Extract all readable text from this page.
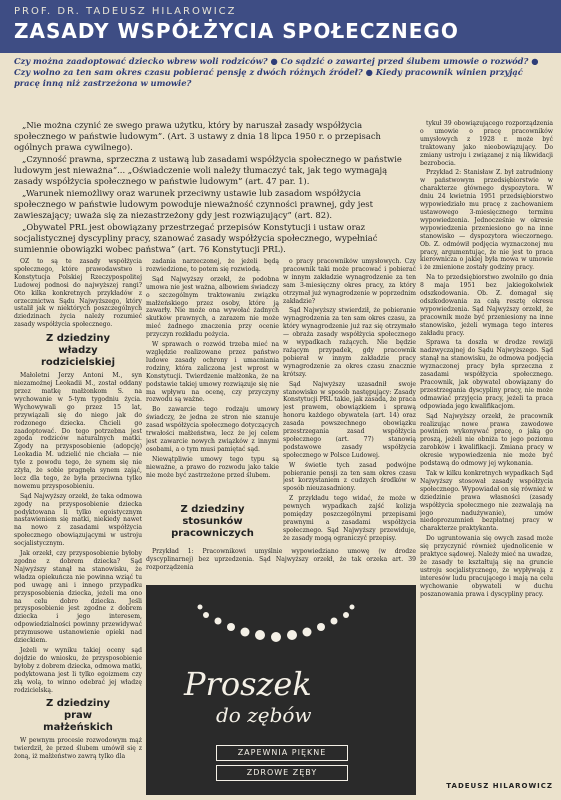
PROF. DR. TADEUSZ HILAROWICZ
ZASADY WSPÓŁŻYCIA SPOŁECZNEGO
Czy można zaadoptować dziecko wbrew woli rodziców? ● Co sądzić o zawartej przed ślubem umowie o rozwód? ● Czy wolno za ten sam okres czasu pobierać pensję z dwóch różnych źródeł? ● Kiedy pracownik winien przyjąć pracę inną niż zastrzeżona w umowie?

„Nie można czynić ze swego prawa użytku, który by naruszał zasady współżycia społecznego w państwie ludowym”. (Art. 3 ustawy z dnia 18 lipca 1950 r. o przepisach ogólnych prawa cywilnego).

„Czynność prawna, sprzeczna z ustawą lub zasadami współżycia społecznego w państwie ludowym jest nieważna”... „Oświadczenie woli należy tłumaczyć tak, jak tego wymagają zasady współżycia społecznego w państwie ludowym” (art. 47 par. 1).

„Warunek niemożliwy oraz warunek przeciwny ustawie lub zasadom współżycia społecznego w państwie ludowym powoduje nieważność czynności prawnej, gdy jest zawieszający; uważa się za niezastrzeżony gdy jest rozwiązujący” (art. 82).

„Obywatel PRL jest obowiązany przestrzegać przepisów Konstytucji i ustaw oraz socjalistycznej dyscypliny pracy, szanować zasady współżycia społecznego, wypełniać sumiennie obowiązki wobec państwa” (art. 76 Konstytucji PRL).

OŻ to są te zasady współżycia społecznego, które prawodawstwo i Konstytucja Polskiej Rzeczypospolitej Ludowej podnosi do najwyższej rangi? Oto kilka konkretnych przykładów z orzecznictwa Sądu Najwyższego, który ustalił jak w niektórych poszczególnych dziedzinach życia należy rozumieć zasady współżycia społecznego.

Z dziedziny
władzy
rodzicielskiej

Małoletni Jerzy Antoni M., syn niezamożnej Leokadii M., został oddany przez matkę małżonkom S. na wychowanie w 5-tym tygodniu życia. Wychowywali go przez 15 lat, przywiązali się do niego jak do rodzonego dziecka. Chcieli go zaadoptować. Do tego potrzebna jest zgoda rodziców naturalnych matki. Zgody na przysposobienie (adopcję) Leokadia M. udzielić nie chciała — nie tyle z powodu tego, że synem się nie zżyła, że sobie pragnęła synem zająć, lecz dla tego, że była przeciwna tylko nowemu przysposobieniu.

Sąd Najwyższy orzekł, że taka odmowa zgody na przysposobienie dziecka podyktowana li tylko egoistycznym nastawieniem się matki, niekiedy nawet na nowo z zasadami współżycia społecznego obowiązującymi w ustroju socjalistycznym.

Jak orzekł, czy przysposobienie byłoby zgodne z dobrem dziecka? Sąd Najwyższy stanął na stanowisku, że władza opiekuńcza nie powinna wziąć tu pod uwagę ani i innego przypadku przysposobienia dziecka, jeżeli ma ono na celu dobro dziecka. Jeśli przysposobienie jest zgodne z dobrem dziecka i jego interesem, odpowiedzialności powinny przewidywać przymusowe ustanowienie opieki nad dzieckiem.

Jeżeli w wyniku takiej oceny sąd dojdzie do wniosku, że przysposobienie byłoby z dobrem dziecka, odmowa matki, podyktowana jest li tylko egoizmem czy złą wolą, to winno odebrać jej władzę rodzicielską.

Z dziedziny
praw
małżeńskich

W pewnym procesie rozwodowym mąż twierdził, że przed ślubem umówił się z żoną, iż małżeństwo zawrą tylko dla

zadania narzeczonej, że jeżeli będą rozwiedzione, to potem się rozwiodą.

Sąd Najwyższy orzekł, że podobna umowa nie jest ważna, albowiem świadczy o szczególnym traktowaniu związku małżeńskiego przez osoby, które ją zawarły. Nie może ona wywołać żadnych skutków prawnych, a zarazem nie może mieć żadnego znaczenia przy ocenie przyczyn rozkładu pożycia.

W sprawach o rozwód trzeba mieć na względzie realizowane przez państwo ludowe zasady ochrony i umacniania rodziny, która zaliczona jest wprost w Konstytucji. Twierdzenie małżonka, że na podstawie takiej umowy rozwiązuje się nie ma wpływu na ocenę, czy przyczyny rozwodu są ważne.

Bo zawarcie tego rodzaju umowy świadczy, że jedna ze stron nie szanuje zasad współżycia społecznego dotyczących trwałości małżeństwa, lecz że jej celem jest zawarcie nowych związków z innymi osobami, a o tym musi pamiętać sąd.

Niewątpliwie umowy tego typu są nieważne, a prawo do rozwodu jako takie nie może być zastrzeżone przed ślubem.

Z dziedziny
stosunków
pracowniczych

Przykład 1: Pracownikowi umyślnie wypowiedziano umowę (w drodze dyscyplinarnej) bez uprzedzenia. Sąd Najwyższy orzekł, że tak orzeka art. 39 rozporządzenia

o pracy pracowników umysłowych. Czy pracownik taki może pracować i pobierać w innym zakładzie wynagrodzenie za ten sam 3-miesięczny okres pracy, za który otrzymał już wynagrodzenie w poprzednim zakładzie?

Sąd Najwyższy stwierdził, że pobieranie wynagrodzenia za ten sam okres czasu, za który wynagrodzenie już raz się otrzymało — obraża zasady współżycia społecznego w wypadkach rażących. Nie będzie rażącym przypadek, gdy pracownik pobierał w innym zakładzie pracy wynagrodzenie za okres czasu znacznie krótszy.

Sąd Najwyższy uzasadnił swoje stanowisko w sposób następujący: Zasady Konstytucji PRL takie, jak zasada, że praca jest prawem, obowiązkiem i sprawą honoru każdego obywatela (art. 14) oraz zasada powszechnego obowiązku przestrzegania zasad współżycia społecznego (art. 77) stanowią podstawowe zasady współżycia społecznego w Polsce Ludowej.

W świetle tych zasad podwójne pobieranie pensji za ten sam okres czasu jest korzystaniem z cudzych środków w sposób nieuzasadniony.

Z przykładu tego widać, że może w pewnych wypadkach zajść kolizja pomiędzy poszczególnymi przepisami prawnymi a zasadami współżycia społecznego. Sąd Najwyższy przewiduje, że zasady mogą ograniczyć przepisy.

tykuł 39 obowiązującego rozporządzenia o umowie o pracę pracowników umysłowych z 1928 r. może być traktowany jako nieobowiązujący. Do zmiany ustroju i związanej z nią likwidacji bezrobocia.

Przykład 2: Stanisław Z. był zatrudniony w państwowym przedsiębiorstwie w charakterze głównego dyspozytora. W dniu 24 kwietnia 1951 przedsiębiorstwo wypowiedziało mu pracę z zachowaniem ustawowego 3-miesięcznego terminu wypowiedzenia. Jednocześnie w okresie wypowiedzenia przeniesiono go na inne stanowisko — dyspozytora wieczornego. Ob. Z. odmówił podjęcia wyznaczonej mu pracy, argumentując, że nie jest to praca kierownicza o jakiej była mowa w umowie i że zmienione zostały godziny pracy.

Na to przedsiębiorstwo zwolniło go dnia 8 maja 1951 bez jakiegokolwiek odszkodowania. Ob. Z. domagał się odszkodowania za całą resztę okresu wypowiedzenia. Sąd Najwyższy orzekł, że pracownik może być przeniesiony na inne stanowisko, jeżeli wymaga tego interes zakładu pracy.

Sprawa ta doszła w drodze rewizji nadzwyczajnej do Sądu Najwyższego. Sąd stanął na stanowisku, że odmowa podjęcia wyznaczonej pracy była sprzeczna z zasadami współżycia społecznego. Pracownik, jak obywatel obowiązany do przestrzegania dyscypliny pracy, nie może odmawiać przyjęcia pracy, jeżeli ta praca odpowiada jego kwalifikacjom.

Sąd Najwyższy orzekł, że pracownik realizując nowe prawa zawodowe powinien wykonywać pracę, o jaką go proszą, jeżeli nie obniża to jego poziomu zarobków i kwalifikacji. Zmiana pracy w okresie wypowiedzenia nie może być podstawą do odmowy jej wykonania.

Tak w kilku konkretnych wypadkach Sąd Najwyższy stosował zasady współżycia społecznego. Wypowiadał on się również w dziedzinie prawa własności (zasady współżycia społecznego nie zezwalają na jego nadużywanie), umów niedoprozumnień bezpłatnej pracy w charakterze praktykanta.

Do ugruntowania się owych zasad może się przyczynić również ujednolicenie w praktyce sądowej. Należy mieć na uwadze, że zasady te kształtują się na gruncie ustroju socjalistycznego, że wypływają z interesów ludu pracującego i mają na celu wychowanie obywateli w duchu poszanowania prawa i dyscypliny pracy.

Proszek
do zębów
ZAPEWNIA PIĘKNE
ZDROWE ZĘBY
TADEUSZ HILAROWICZ
